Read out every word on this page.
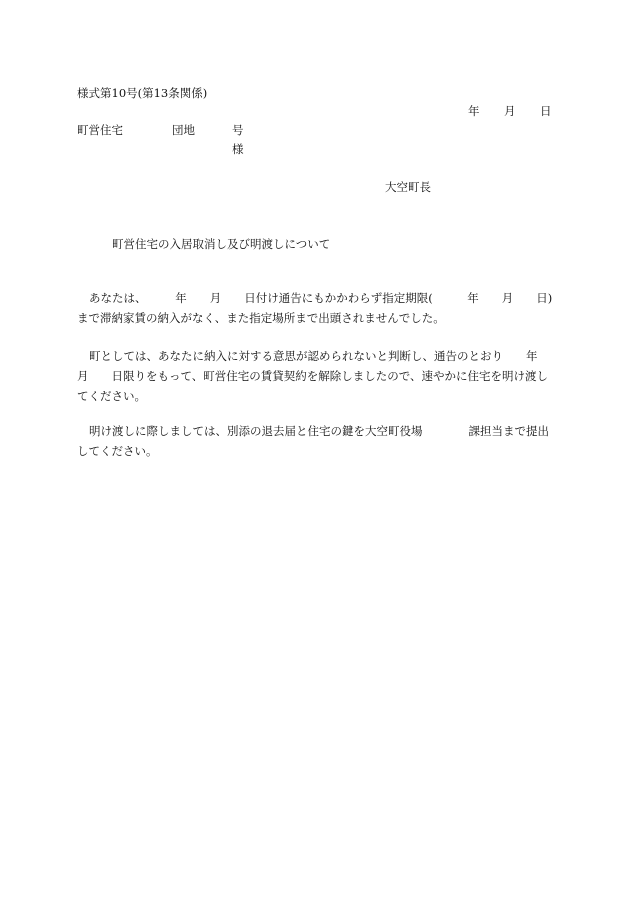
様式第10号(第13条関係)
年 月 日
町営住宅	団地	号
様
大空町長
町営住宅の入居取消し及び明渡しについて

あなたは、　　　年　　月　　日付け通告にもかかわらず指定期限(　　　年　　月　　日)まで滞納家賃の納入がなく、また指定場所まで出頭されませんでした。

町としては、あなたに納入に対する意思が認められないと判断し、通告のとおり　　年　　月　　日限りをもって、町営住宅の賃貸契約を解除しましたので、速やかに住宅を明け渡してください。

明け渡しに際しましては、別添の退去届と住宅の鍵を大空町役場　　　　課担当まで提出してください。
